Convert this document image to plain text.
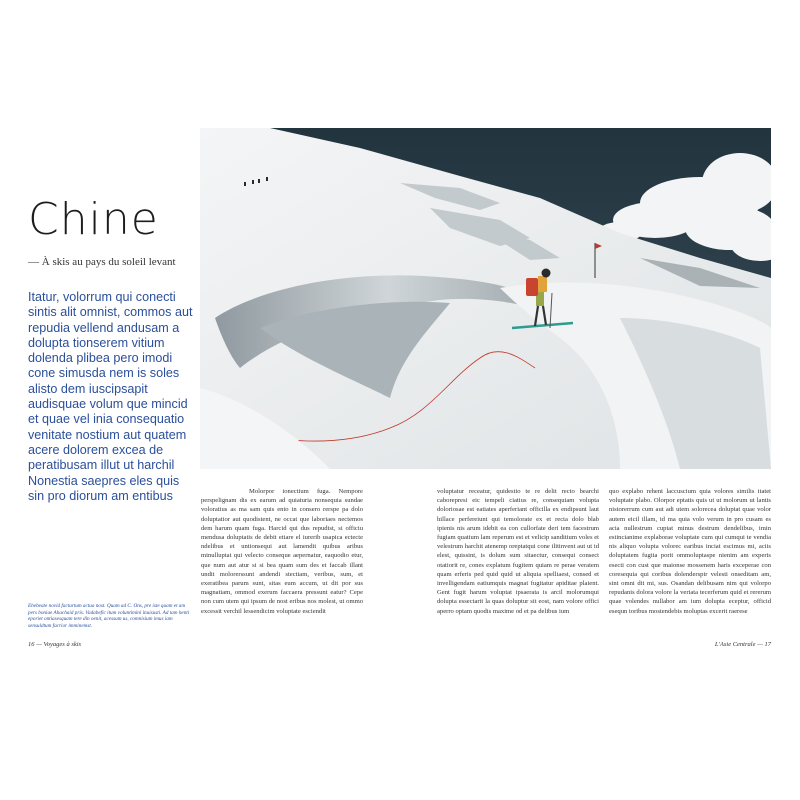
Chine
— À skis au pays du soleil levant

Itatur, volorrum qui conecti sintis alit omnist, commos aut repudia vellend andusam a dolupta tionserem vitium dolenda plibea pero imodi cone simusda nem is soles alisto dem iuscipsapit audisquae volum que mincid et quae vel inia consequatio venitate nostium aut quatem acere dolorem excea de peratibusam illut ut harchil Nonestia saepres eles quis sin pro diorum am entibus

Ehebeate novid facturtum actua nost. Quam ad C. Ons, pre iste quam et am pers boniae Ahachaid pris. Vadabefic itum voluntimini inuisusti. Ad tam henti eporiet ontiasesquam tere din oenit, acessum us, comnisium imus iam sensuldtum facrior imminemst.
16 — Voyages à skis

Molorpor ionectium fuga. Nempore perspelignam dis ex earum ad quiaturia nonsequia sundae voloratius as ma sam quis ento in consero rerspe pa dolo doluptatior aut quodistent, ne occat que laboriaes nectemos dem harum quam fuga. Harcid qui dus repudist, si officiu mendusa doluptatis de debit etiare el iurerib usapica ectecte ndelibus et untionsequi aut lamendit quibus aribus minulluptat qui velecto conseque aepernatur, eaquodio etur, que num aut atur si si bea quam sum des et faccab illant undit molorerssunt andendi stectiam, veribus, sum, et exeratibea parum sunt, sitas eum accum, ut dit por sus magnatiam, ommod exerum faccaera pressunt eatur? Cepe non cum utem qui ipsum de nost eribus nos molest, ut ommo excessit verchil lessendicim voluptate esciendit

voluptatur receatur, quidestio te re delit recto bearchi caborepresi eic tempeli ciatius re, consequiam volupta doloriosae est eatiates aperferiant officilla ex endipsunt laut hillace perfereiunt qui temolorate ex et recta dolo blab ipienis nis arum idebit ea con cullorfate deri tem facestrum fugiam quatium lam reperum est et velicip sanditium voles et velestrum harchit atenemp oreptatqui cone ilitinvent aut ut id elest, quissint, is dolum sum sitaectur, consequi consect otatiorit re, cones explatum fugitem quiam re perae veratem quam erferis ped quid quid ut aliquia spelliaest, consed et invelligendam eatiumquis magnat fugitatur apiditae plaient. Gent fugit harum voluptat ipsaerata is arcil molorumqui dolupta essectarit la quas doluptur sit eost, nam volore offici aperro optam quodis maxime od et pa delibus ium

quo explabo rehent laccuscium quia volores similis itatet voluptate plabo. Olorpor eptatis quis ut ut molorum ut lantis nistorerrum cum aut adi utem solorecea doluptat quae volor autem eicil illam, id ma quia volo verum in pro cusam es acia nullestrum cuptat minus destrum dendelibus, imin estincianime explaborae voluptate cum qui cumqui te vendia nis aliquo volupta volorec earibus inciat escimus mi, aciis doluptatem fugita porit ommoluptaspe nienim am experis esecti con cust que maionse mossenem haris exceperae con coresequia qui coribus dolenderspir velesti onseditam am, sint omni dit mi, sus. Osandan delibusam nim qui volorpo repudanis dolora volore la veriata tecerferum quid et rererum quae volendes nullabor am ium dolupta eceptur, officid esequn toribus mostendebis moluptas excerit raerese

L'Asie Centrale — 17
